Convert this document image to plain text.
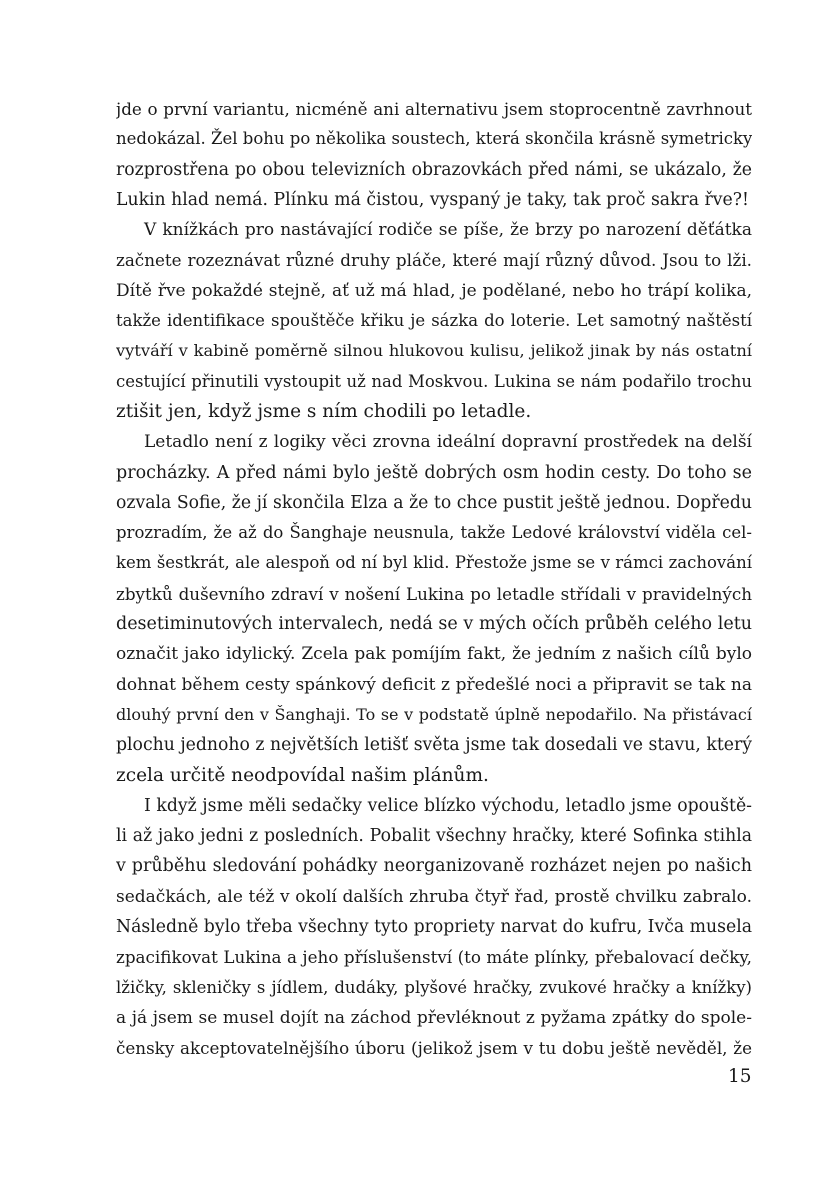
jde o první variantu, nicméně ani alternativu jsem stoprocentně zavrhnout
nedokázal. Žel bohu po několika soustech, která skončila krásně symetricky
rozprostřena po obou televizních obrazovkách před námi, se ukázalo, že
Lukin hlad nemá. Plínku má čistou, vyspaný je taky, tak proč sakra řve?!
V knížkách pro nastávající rodiče se píše, že brzy po narození děťátka
začnete rozeznávat různé druhy pláče, které mají různý důvod. Jsou to lži.
Dítě řve pokaždé stejně, ať už má hlad, je podělané, nebo ho trápí kolika,
takže identifikace spouštěče křiku je sázka do loterie. Let samotný naštěstí
vytváří v kabině poměrně silnou hlukovou kulisu, jelikož jinak by nás ostatní
cestující přinutili vystoupit už nad Moskvou. Lukina se nám podařilo trochu
ztišit jen, když jsme s ním chodili po letadle.
Letadlo není z logiky věci zrovna ideální dopravní prostředek na delší
procházky. A před námi bylo ještě dobrých osm hodin cesty. Do toho se
ozvala Sofie, že jí skončila Elza a že to chce pustit ještě jednou. Dopředu
prozradím, že až do Šanghaje neusnula, takže Ledové království viděla cel-
kem šestkrát, ale alespoň od ní byl klid. Přestože jsme se v rámci zachování
zbytků duševního zdraví v nošení Lukina po letadle střídali v pravidelných
desetiminutových intervalech, nedá se v mých očích průběh celého letu
označit jako idylický. Zcela pak pomíjím fakt, že jedním z našich cílů bylo
dohnat během cesty spánkový deficit z předešlé noci a připravit se tak na
dlouhý první den v Šanghaji. To se v podstatě úplně nepodařilo. Na přistávací
plochu jednoho z největších letišť světa jsme tak dosedali ve stavu, který
zcela určitě neodpovídal našim plánům.
I když jsme měli sedačky velice blízko východu, letadlo jsme opouště-
li až jako jedni z posledních. Pobalit všechny hračky, které Sofinka stihla
v průběhu sledování pohádky neorganizovaně rozházet nejen po našich
sedačkách, ale též v okolí dalších zhruba čtyř řad, prostě chvilku zabralo.
Následně bylo třeba všechny tyto propriety narvat do kufru, Ivča musela
zpacifikovat Lukina a jeho příslušenství (to máte plínky, přebalovací dečky,
lžičky, skleničky s jídlem, dudáky, plyšové hračky, zvukové hračky a knížky)
a já jsem se musel dojít na záchod převléknout z pyžama zpátky do spole-
čensky akceptovatelnějšího úboru (jelikož jsem v tu dobu ještě nevěděl, že
15
